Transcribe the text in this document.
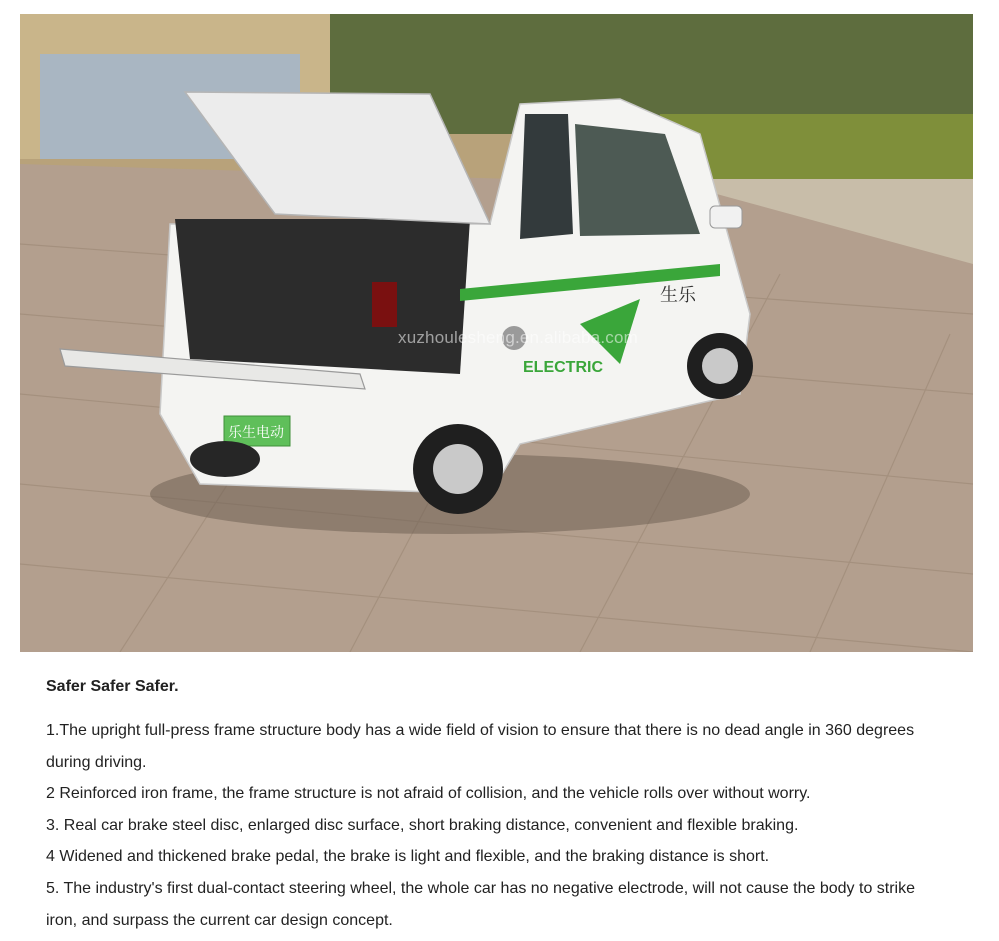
ELECTRIC
生乐
乐生电动
xuzhoulesheng.en.alibaba.com
Safer Safer Safer.

1.The upright full-press frame structure body has a wide field of vision to ensure that there is no dead angle in 360 degrees during driving.

2 Reinforced iron frame, the frame structure is not afraid of collision, and the vehicle rolls over without worry.

3. Real car brake steel disc, enlarged disc surface, short braking distance, convenient and flexible braking.

4 Widened and thickened brake pedal, the brake is light and flexible, and the braking distance is short.

5. The industry's first dual-contact steering wheel, the whole car has no negative electrode, will not cause the body to strike iron, and surpass the current car design concept.
